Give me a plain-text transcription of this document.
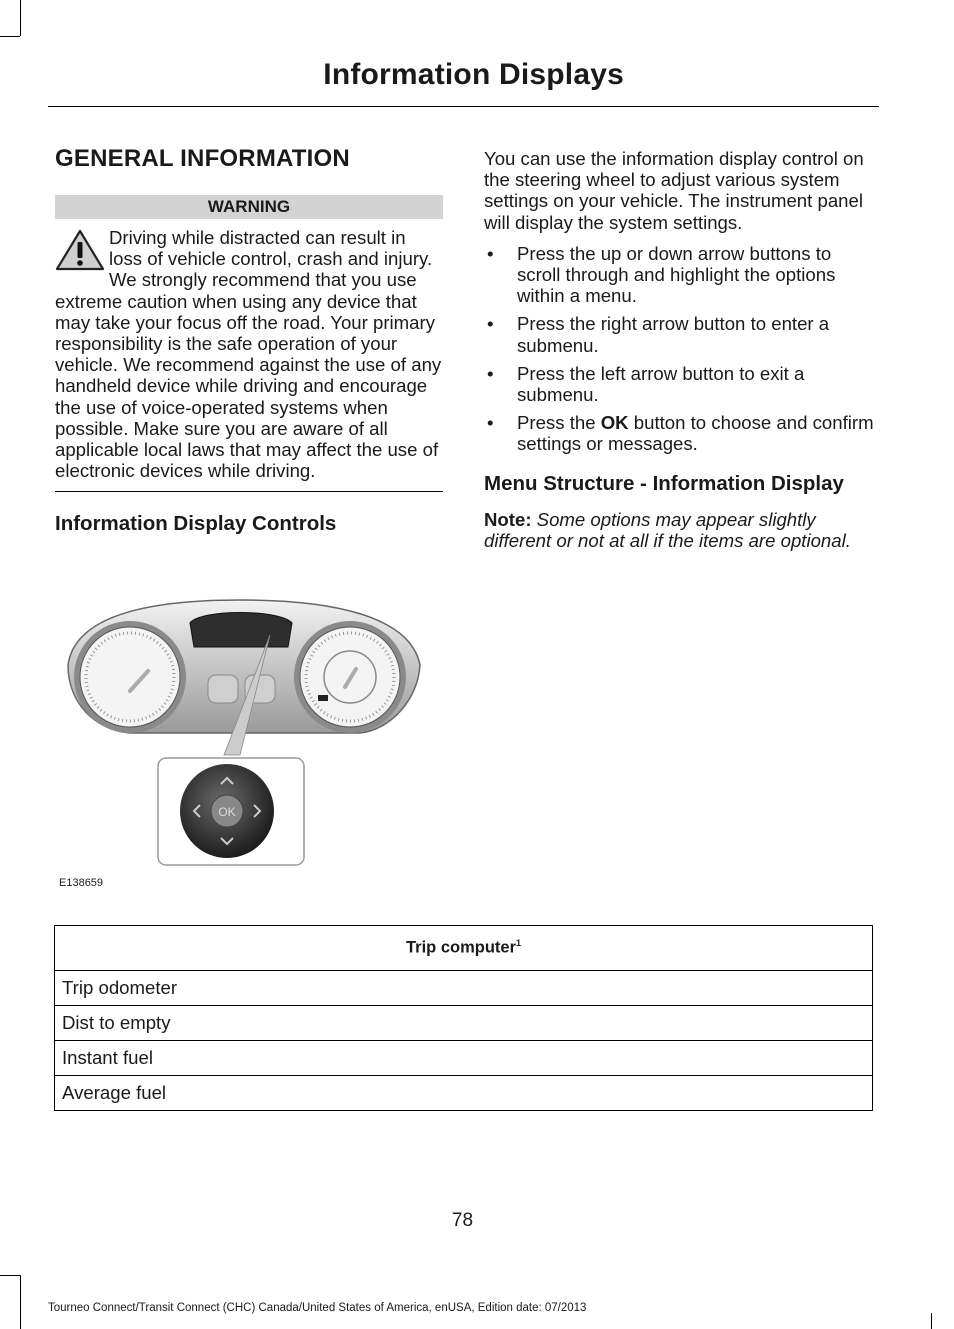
Information Displays
GENERAL INFORMATION
WARNING

Driving while distracted can result in loss of vehicle control, crash and injury. We strongly recommend that you use extreme caution when using any device that may take your focus off the road. Your primary responsibility is the safe operation of your vehicle. We recommend against the use of any handheld device while driving and encourage the use of voice-operated systems when possible. Make sure you are aware of all applicable local laws that may affect the use of electronic devices while driving.

Information Display Controls
OK
E138659

You can use the information display control on the steering wheel to adjust various system settings on your vehicle. The instrument panel will display the system settings.

• Press the up or down arrow buttons to scroll through and highlight the options within a menu.
• Press the right arrow button to enter a submenu.
• Press the left arrow button to exit a submenu.
• Press the OK button to choose and confirm settings or messages.
Menu Structure - Information Display

Note: Some options may appear slightly different or not at all if the items are optional.

Trip computer$^1$
Trip odometer
Dist to empty
Instant fuel
Average fuel
78
Tourneo Connect/Transit Connect (CHC) Canada/United States of America, enUSA, Edition date: 07/2013
